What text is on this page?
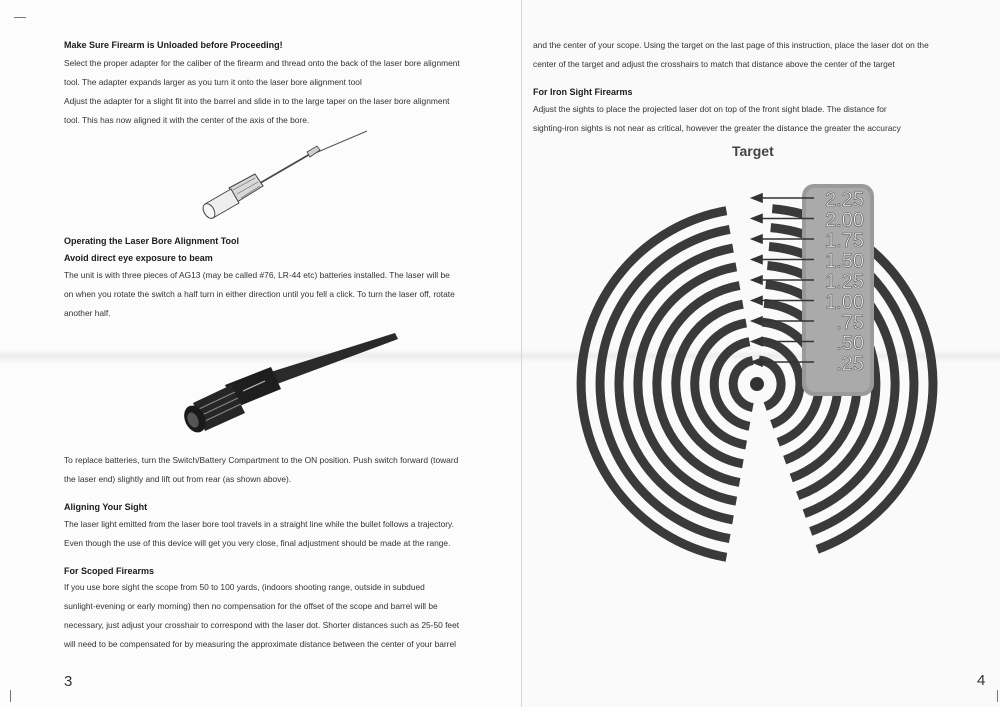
Make Sure Firearm is Unloaded before Proceeding!
Select the proper adapter for the caliber of the firearm and thread onto the back of the laser bore alignment
tool. The adapter expands larger as you turn it onto the laser bore alignment tool
Adjust the adapter for a slight fit into the barrel and slide in to the large taper on the laser bore alignment
tool. This has now aligned it with the center of the axis of the bore.
Operating the Laser Bore Alignment Tool
Avoid direct eye exposure to beam
The unit is with three pieces of AG13 (may be called #76, LR-44 etc) batteries installed. The laser will be
on when you rotate the switch a half turn in either direction until you fell a click. To turn the laser off, rotate
another half.
To replace batteries, turn the Switch/Battery Compartment to the ON position. Push switch forward (toward
the laser end) slightly and lift out from rear (as shown above).
Aligning Your Sight
The laser light emitted from the laser bore tool travels in a straight line while the bullet follows a trajectory.
Even though the use of this device will get you very close, final adjustment should be made at the range.
For Scoped Firearms
If you use bore sight the scope from 50 to 100 yards, (indoors shooting range, outside in subdued
sunlight-evening or early morning) then no compensation for the offset of the scope and barrel will be
necessary, just adjust your crosshair to correspond with the laser dot. Shorter distances such as 25-50 feet
will need to be compensated for by measuring the approximate distance between the center of your barrel
3
and the center of your scope. Using the target on the last page of this instruction, place the laser dot on the
center of the target and adjust the crosshairs to match that distance above the center of the target
For Iron Sight Firearms
Adjust the sights to place the projected laser dot on top of the front sight blade. The distance for
sighting-iron sights is not near as critical, however the greater the distance the greater the accuracy
Target
2.25
2.00
1.75
1.50
1.25
1.00
.75
.50
.25
4
